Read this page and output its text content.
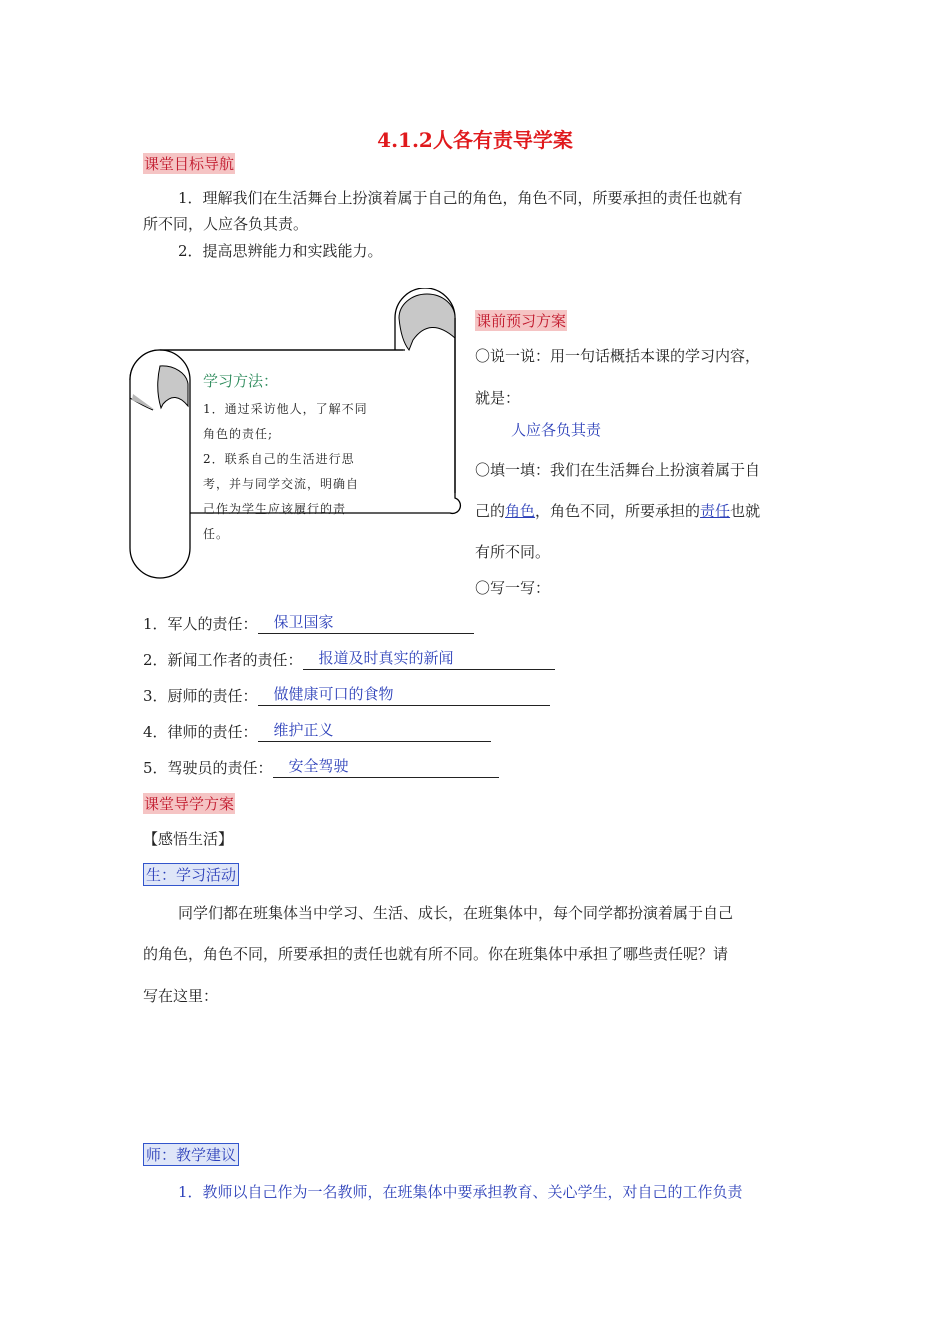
4.1.2人各有责导学案
课堂目标导航
1．理解我们在生活舞台上扮演着属于自己的角色，角色不同，所要承担的责任也就有
所不同，人应各负其责。
2．提高思辨能力和实践能力。
学习方法：
1．通过采访他人，了解不同
角色的责任;
2．联系自己的生活进行思
考，并与同学交流，明确自
己作为学生应该履行的责
任。
课前预习方案
〇说一说：用一句话概括本课的学习内容，
就是：
人应各负其责
〇填一填：我们在生活舞台上扮演着属于自
己的角色，角色不同，所要承担的责任也就
有所不同。
〇写一写：
1．军人的责任： 保卫国家
2．新闻工作者的责任： 报道及时真实的新闻
3．厨师的责任： 做健康可口的食物
4．律师的责任： 维护正义
5．驾驶员的责任： 安全驾驶
课堂导学方案
【感悟生活】
生：学习活动
同学们都在班集体当中学习、生活、成长，在班集体中，每个同学都扮演着属于自己
的角色，角色不同，所要承担的责任也就有所不同。你在班集体中承担了哪些责任呢？请
写在这里：
师：教学建议
1．教师以自己作为一名教师，在班集体中要承担教育、关心学生，对自己的工作负责
